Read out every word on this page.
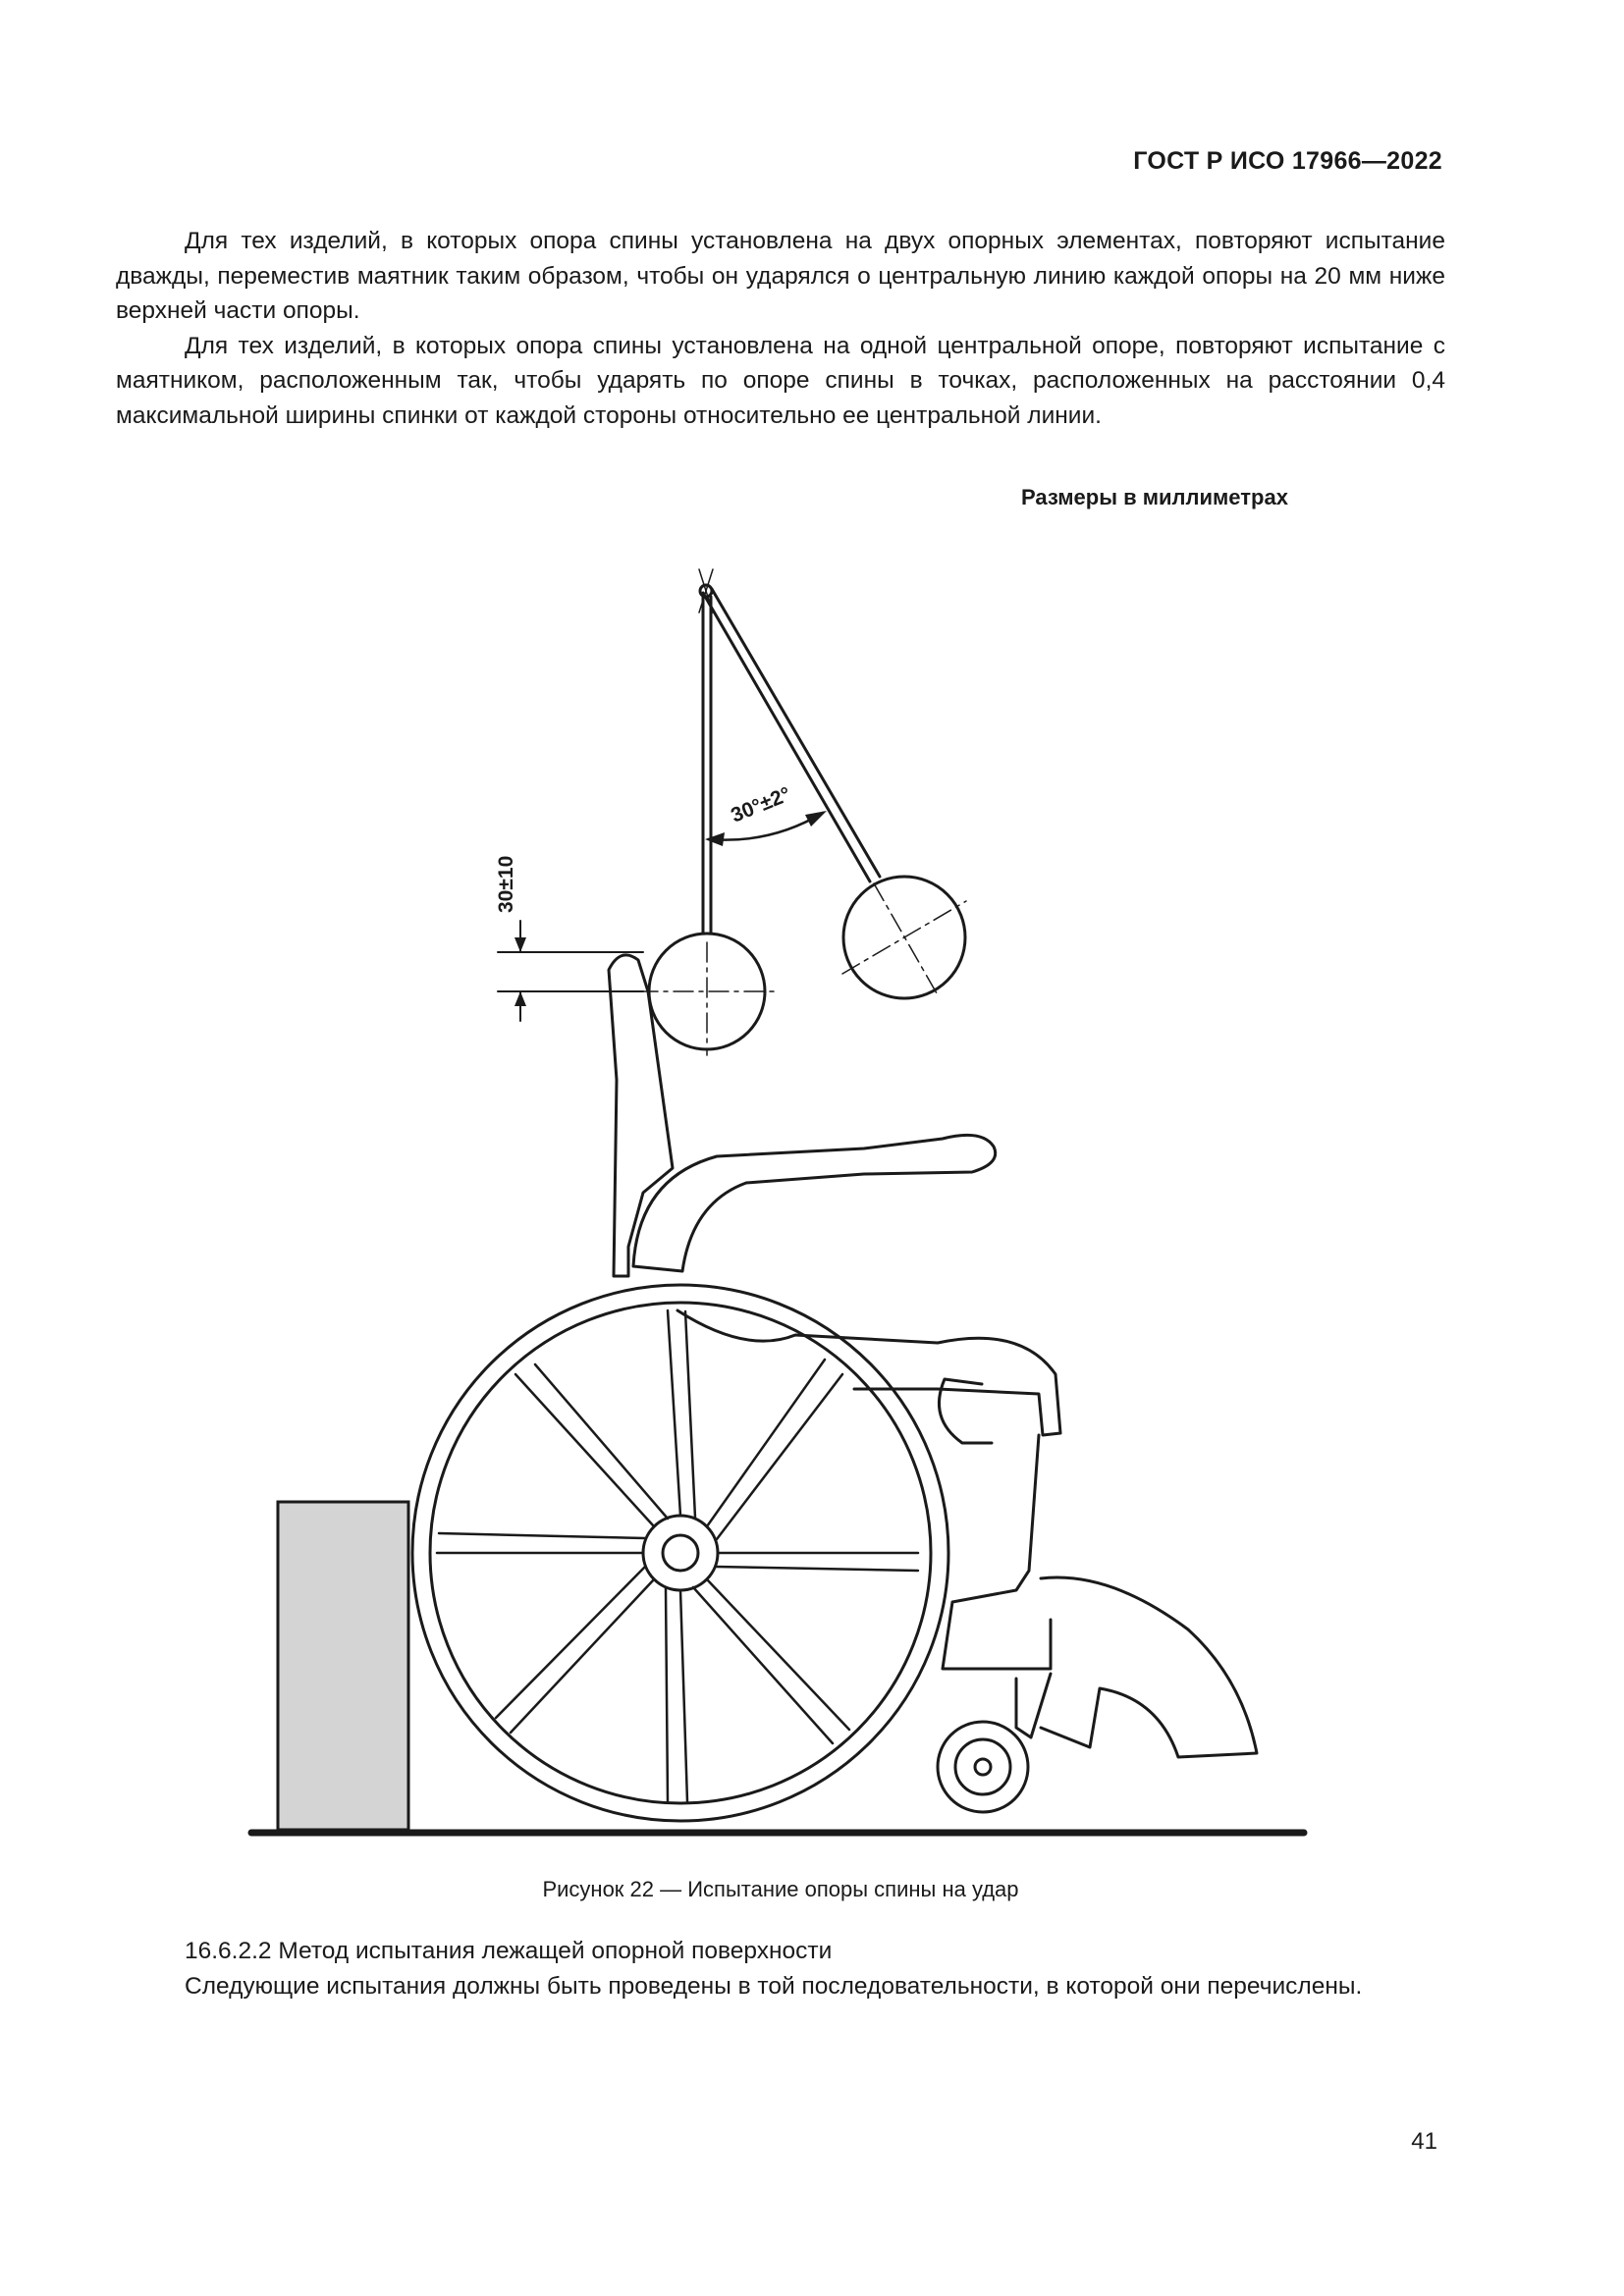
ГОСТ Р ИСО 17966—2022

Для тех изделий, в которых опора спины установлена на двух опорных элементах, повторяют испытание дважды, переместив маятник таким образом, чтобы он ударялся о центральную линию каждой опоры на 20 мм ниже верхней части опоры.

Для тех изделий, в которых опора спины установлена на одной центральной опоре, повторяют испытание с маятником, расположенным так, чтобы ударять по опоре спины в точках, расположенных на расстоянии 0,4 максимальной ширины спинки от каждой стороны относительно ее центральной линии.

Размеры в миллиметрах
30°±2°
30±10
Рисунок 22 — Испытание опоры спины на удар

16.6.2.2 Метод испытания лежащей опорной поверхности

Следующие испытания должны быть проведены в той последовательности, в которой они перечислены.

41
